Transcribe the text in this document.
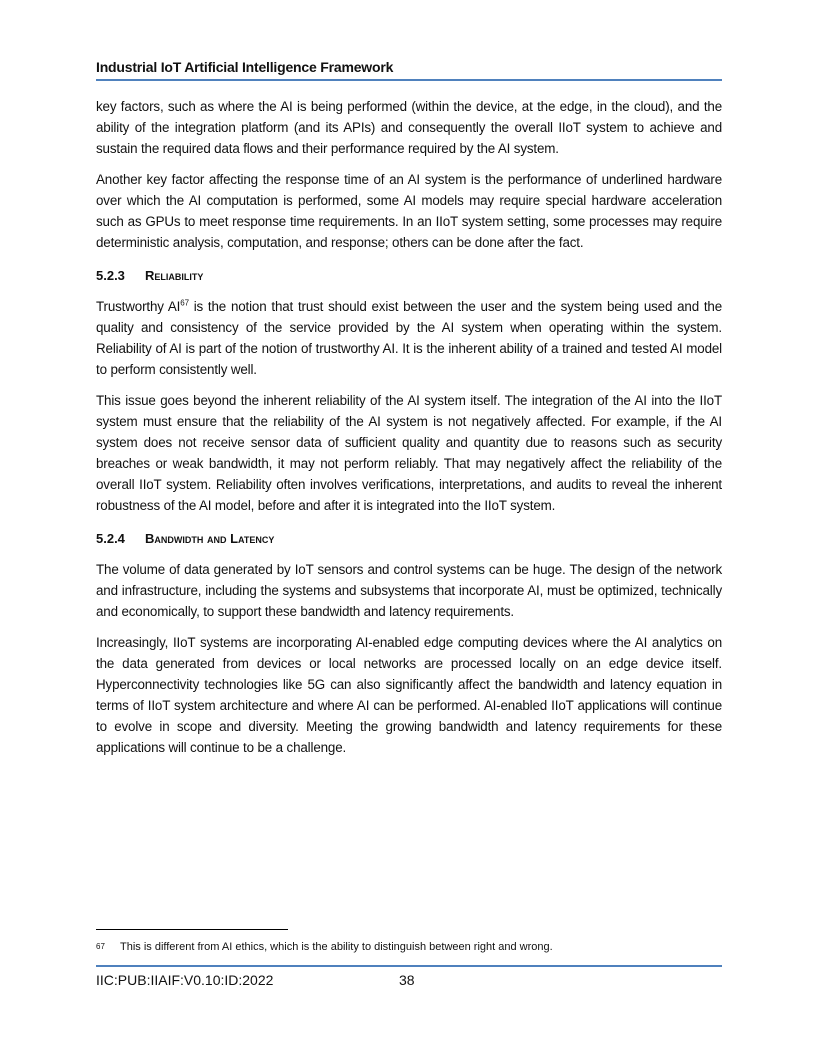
Industrial IoT Artificial Intelligence Framework

key factors, such as where the AI is being performed (within the device, at the edge, in the cloud), and the ability of the integration platform (and its APIs) and consequently the overall IIoT system to achieve and sustain the required data flows and their performance required by the AI system.

Another key factor affecting the response time of an AI system is the performance of underlined hardware over which the AI computation is performed, some AI models may require special hardware acceleration such as GPUs to meet response time requirements. In an IIoT system setting, some processes may require deterministic analysis, computation, and response; others can be done after the fact.

5.2.3 Reliability

Trustworthy AI$^{67}$ is the notion that trust should exist between the user and the system being used and the quality and consistency of the service provided by the AI system when operating within the system. Reliability of AI is part of the notion of trustworthy AI. It is the inherent ability of a trained and tested AI model to perform consistently well.

This issue goes beyond the inherent reliability of the AI system itself. The integration of the AI into the IIoT system must ensure that the reliability of the AI system is not negatively affected. For example, if the AI system does not receive sensor data of sufficient quality and quantity due to reasons such as security breaches or weak bandwidth, it may not perform reliably. That may negatively affect the reliability of the overall IIoT system. Reliability often involves verifications, interpretations, and audits to reveal the inherent robustness of the AI model, before and after it is integrated into the IIoT system.

5.2.4 Bandwidth and Latency

The volume of data generated by IoT sensors and control systems can be huge. The design of the network and infrastructure, including the systems and subsystems that incorporate AI, must be optimized, technically and economically, to support these bandwidth and latency requirements.

Increasingly, IIoT systems are incorporating AI-enabled edge computing devices where the AI analytics on the data generated from devices or local networks are processed locally on an edge device itself. Hyperconnectivity technologies like 5G can also significantly affect the bandwidth and latency equation in terms of IIoT system architecture and where AI can be performed. AI-enabled IIoT applications will continue to evolve in scope and diversity. Meeting the growing bandwidth and latency requirements for these applications will continue to be a challenge.

67 This is different from AI ethics, which is the ability to distinguish between right and wrong.
IIC:PUB:IIAIF:V0.10:ID:2022	38
